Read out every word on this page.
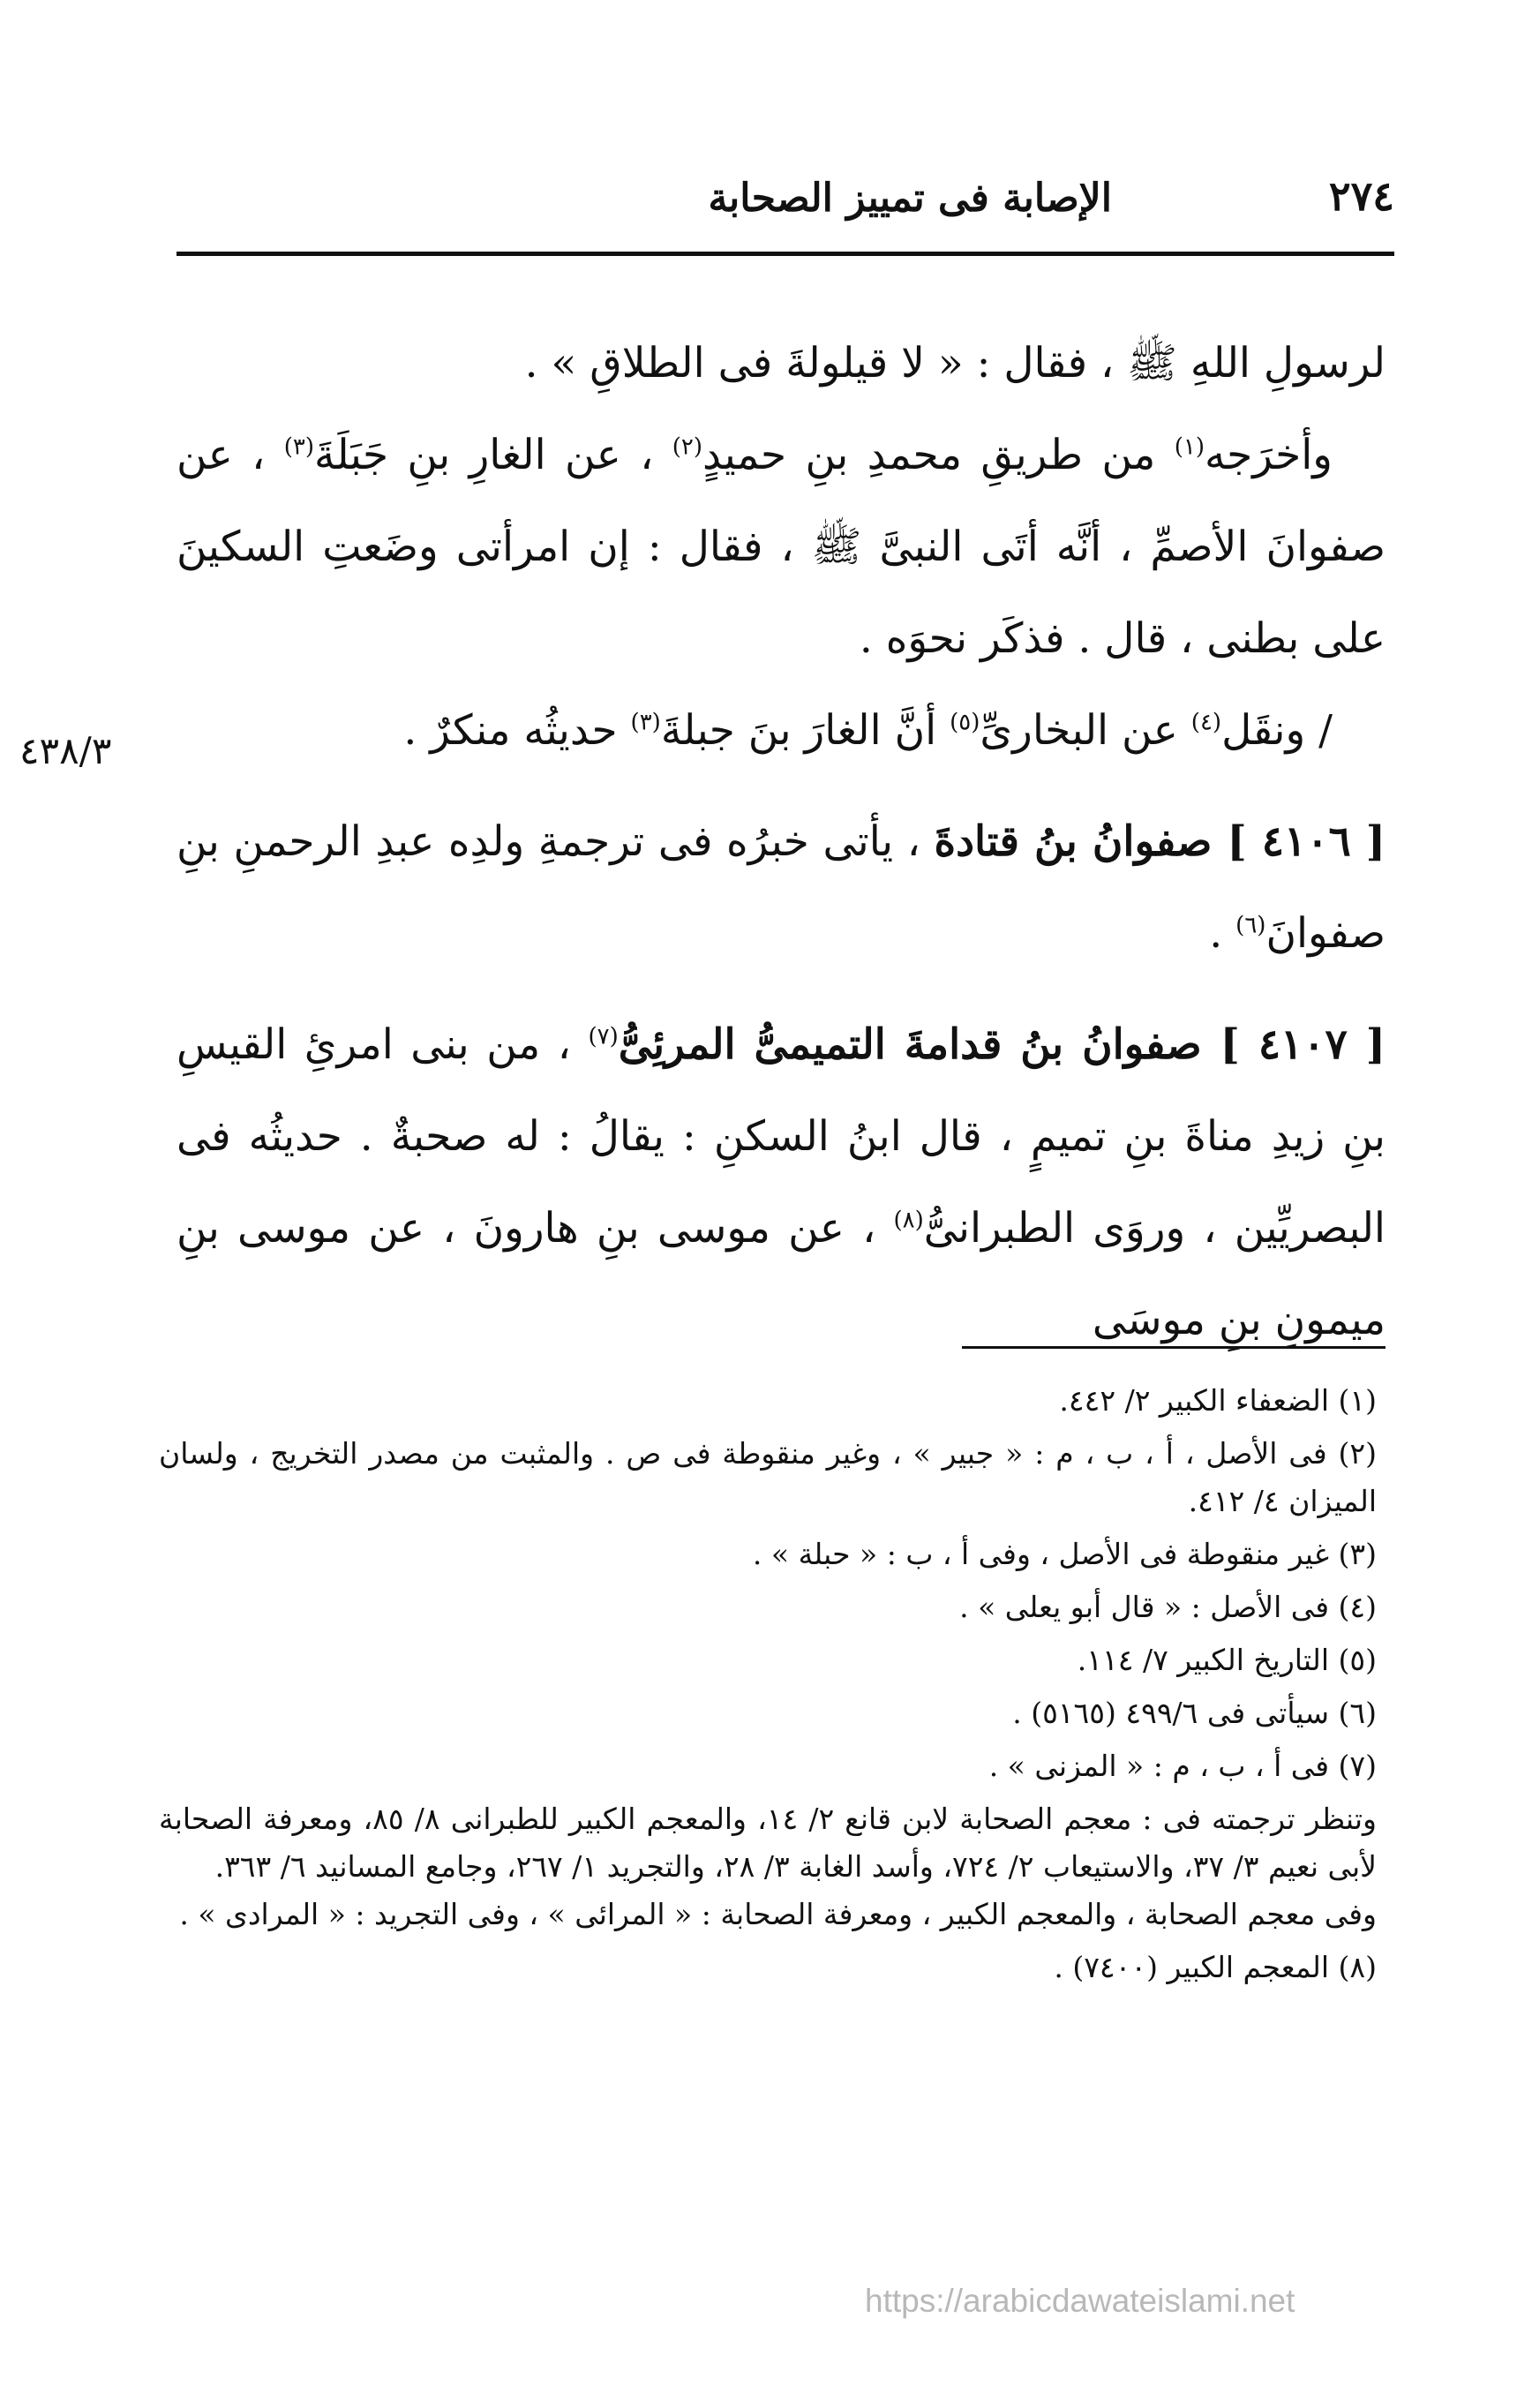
٢٧٤
الإصابة فى تمييز الصحابة
٤٣٨/٣

لرسولِ اللهِ ﷺ ، فقال : « لا قيلولةَ فى الطلاقِ » .

وأخرَجه$^{(١)}$ من طريقِ محمدِ بنِ حميدٍ$^{(٢)}$ ، عن الغارِ بنِ جَبَلَةَ$^{(٣)}$ ، عن صفوانَ الأصمِّ ، أنَّه أتَى النبىَّ ﷺ ، فقال : إن امرأتى وضَعتِ السكينَ على بطنى ، قال . فذكَر نحوَه .

/ ونقَل$^{(٤)}$ عن البخارىِّ$^{(٥)}$ أنَّ الغارَ بنَ جبلةَ$^{(٣)}$ حديثُه منكرٌ .

[ ٤١٠٦ ] صفوانُ بنُ قتادةَ ، يأتى خبرُه فى ترجمةِ ولدِه عبدِ الرحمنِ بنِ صفوانَ$^{(٦)}$ .

[ ٤١٠٧ ] صفوانُ بنُ قدامةَ التميمىُّ المرئِىُّ$^{(٧)}$ ، من بنى امرئِ القيسِ بنِ زيدِ مناةَ بنِ تميمٍ ، قال ابنُ السكنِ : يقالُ : له صحبةٌ . حديثُه فى البصريِّين ، وروَى الطبرانىُّ$^{(٨)}$ ، عن موسى بنِ هارونَ ، عن موسى بنِ ميمونِ بنِ موسَى

(١) الضعفاء الكبير ٢/ ٤٤٢.

(٢) فى الأصل ، أ ، ب ، م : « جبير » ، وغير منقوطة فى ص . والمثبت من مصدر التخريج ، ولسان الميزان ٤/ ٤١٢.

(٣) غير منقوطة فى الأصل ، وفى أ ، ب : « حبلة » .

(٤) فى الأصل : « قال أبو يعلى » .

(٥) التاريخ الكبير ٧/ ١١٤.

(٦) سيأتى فى ٤٩٩/٦ (٥١٦٥) .

(٧) فى أ ، ب ، م : « المزنى » .

وتنظر ترجمته فى : معجم الصحابة لابن قانع ٢/ ١٤، والمعجم الكبير للطبرانى ٨/ ٨٥، ومعرفة الصحابة لأبى نعيم ٣/ ٣٧، والاستيعاب ٢/ ٧٢٤، وأسد الغابة ٣/ ٢٨، والتجريد ١/ ٢٦٧، وجامع المسانيد ٦/ ٣٦٣.

وفى معجم الصحابة ، والمعجم الكبير ، ومعرفة الصحابة : « المرائى » ، وفى التجريد : « المرادى » .

(٨) المعجم الكبير (٧٤٠٠) .

https://arabicdawateislami.net
